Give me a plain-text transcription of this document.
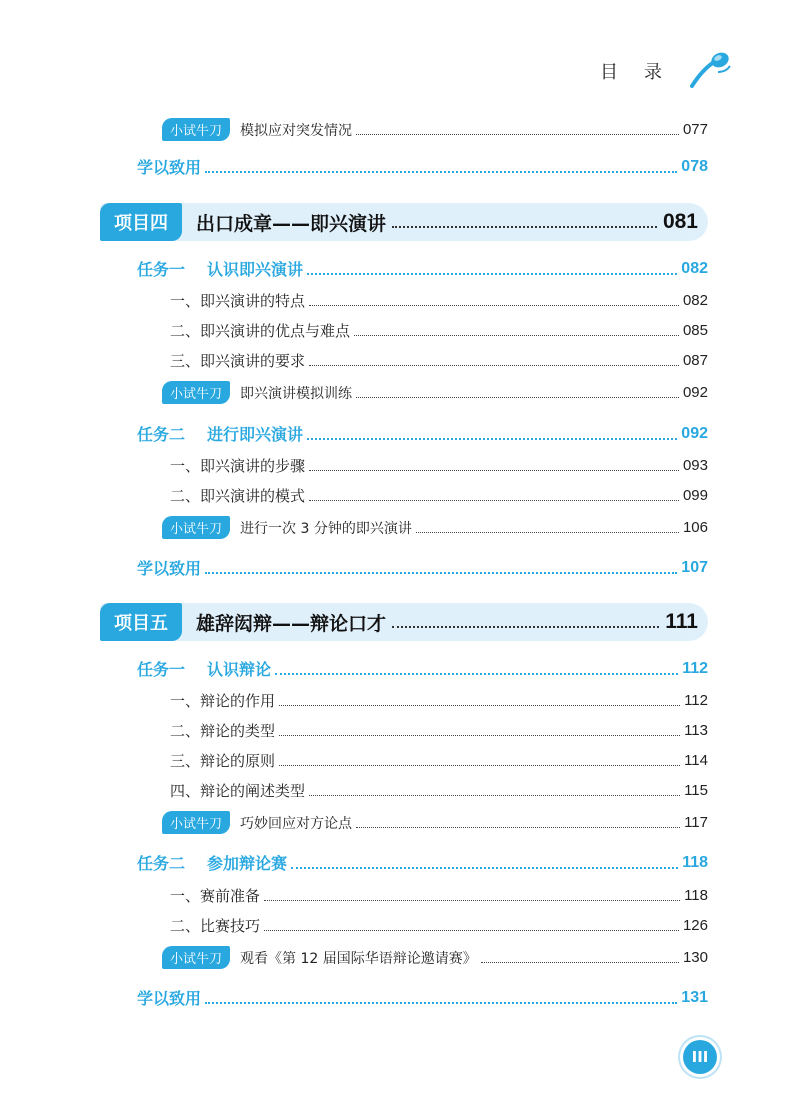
目　录
小试牛刀	模拟应对突发情况	077
学以致用	078
项目四	出口成章——即兴演讲	081
任务一 认识即兴演讲	082
一、即兴演讲的特点	082
二、即兴演讲的优点与难点	085
三、即兴演讲的要求	087
小试牛刀	即兴演讲模拟训练	092
任务二 进行即兴演讲	092
一、即兴演讲的步骤	093
二、即兴演讲的模式	099
小试牛刀	进行一次 3 分钟的即兴演讲	106
学以致用	107
项目五	雄辞闳辩——辩论口才	111
任务一 认识辩论	112
一、辩论的作用	112
二、辩论的类型	113
三、辩论的原则	114
四、辩论的阐述类型	115
小试牛刀	巧妙回应对方论点	117
任务二 参加辩论赛	118
一、赛前准备	118
二、比赛技巧	126
小试牛刀	观看《第 12 届国际华语辩论邀请赛》	130
学以致用	131
III
